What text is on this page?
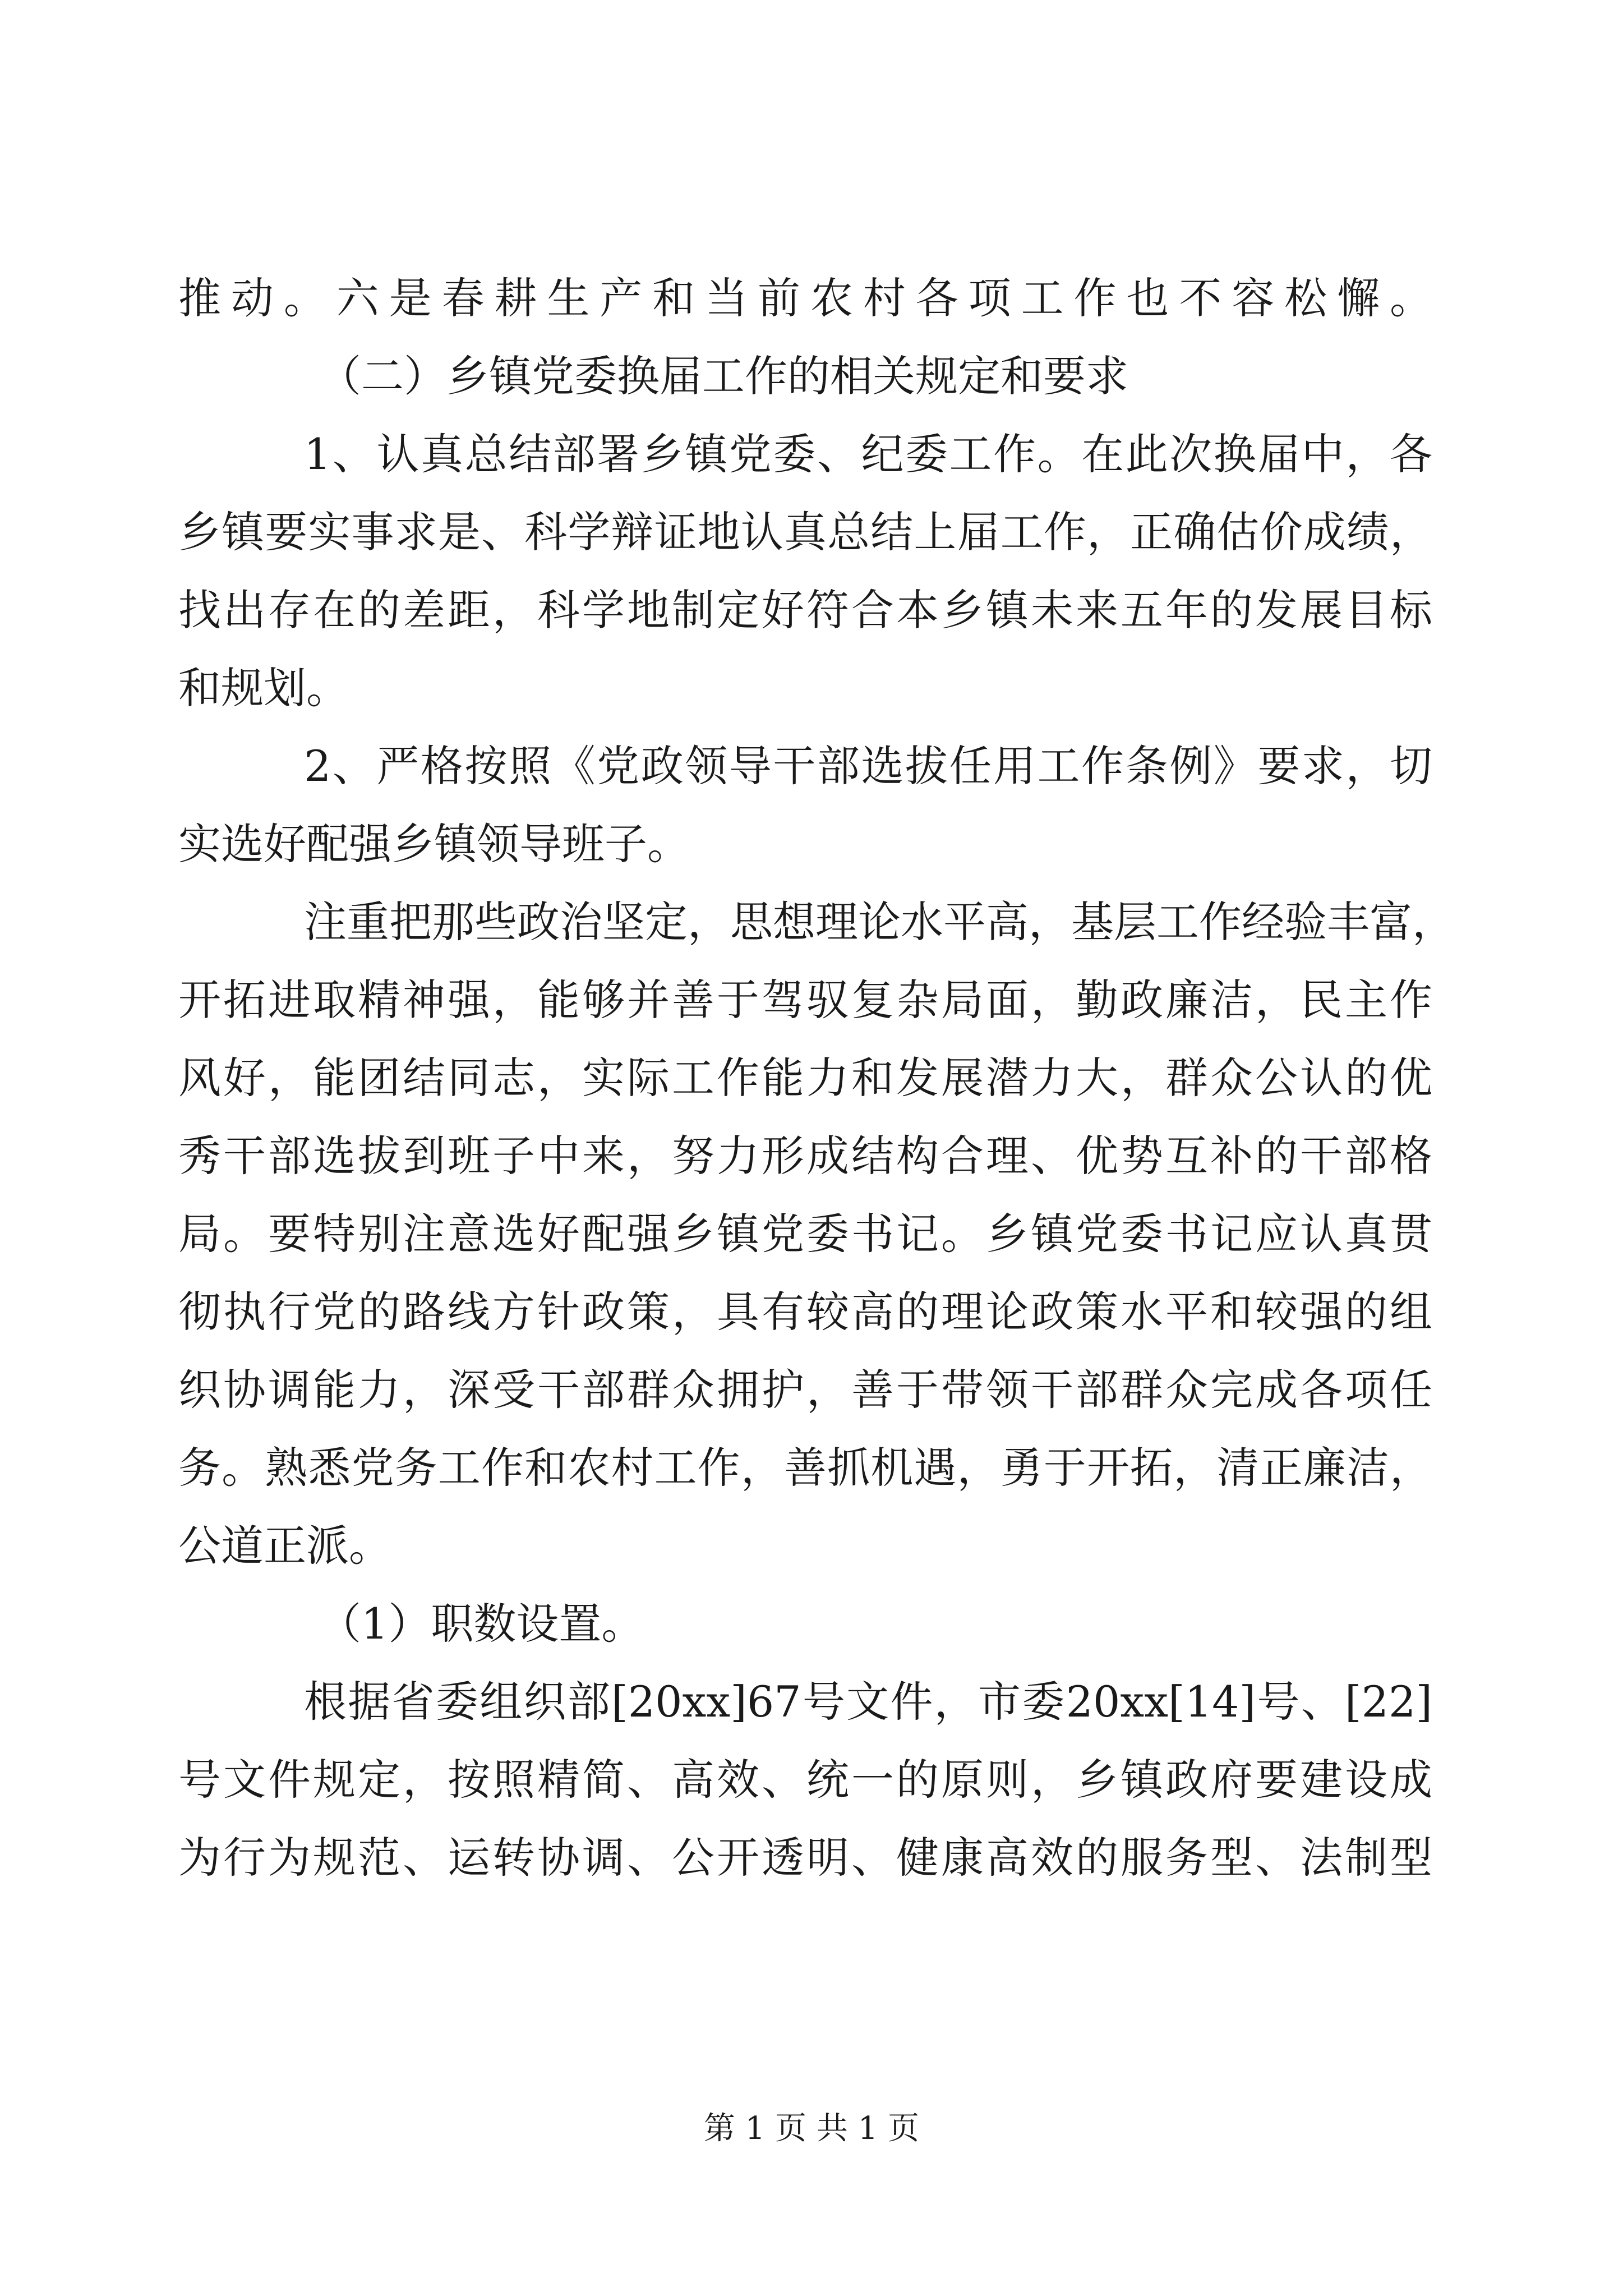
推动。六是春耕生产和当前农村各项工作也不容松懈。
（二）乡镇党委换届工作的相关规定和要求
1、认真总结部署乡镇党委、纪委工作。在此次换届中，各
乡镇要实事求是、科学辩证地认真总结上届工作，正确估价成绩，
找出存在的差距，科学地制定好符合本乡镇未来五年的发展目标
和规划。
2、严格按照《党政领导干部选拔任用工作条例》要求，切
实选好配强乡镇领导班子。
注重把那些政治坚定，思想理论水平高，基层工作经验丰富，
开拓进取精神强，能够并善于驾驭复杂局面，勤政廉洁，民主作
风好，能团结同志，实际工作能力和发展潜力大，群众公认的优
秀干部选拔到班子中来，努力形成结构合理、优势互补的干部格
局。要特别注意选好配强乡镇党委书记。乡镇党委书记应认真贯
彻执行党的路线方针政策，具有较高的理论政策水平和较强的组
织协调能力，深受干部群众拥护，善于带领干部群众完成各项任
务。熟悉党务工作和农村工作，善抓机遇，勇于开拓，清正廉洁，
公道正派。
（1）职数设置。
根据省委组织部[20xx]67号文件，市委20xx[14]号、[22]
号文件规定，按照精简、高效、统一的原则，乡镇政府要建设成
为行为规范、运转协调、公开透明、健康高效的服务型、法制型
第 1 页 共 1 页
